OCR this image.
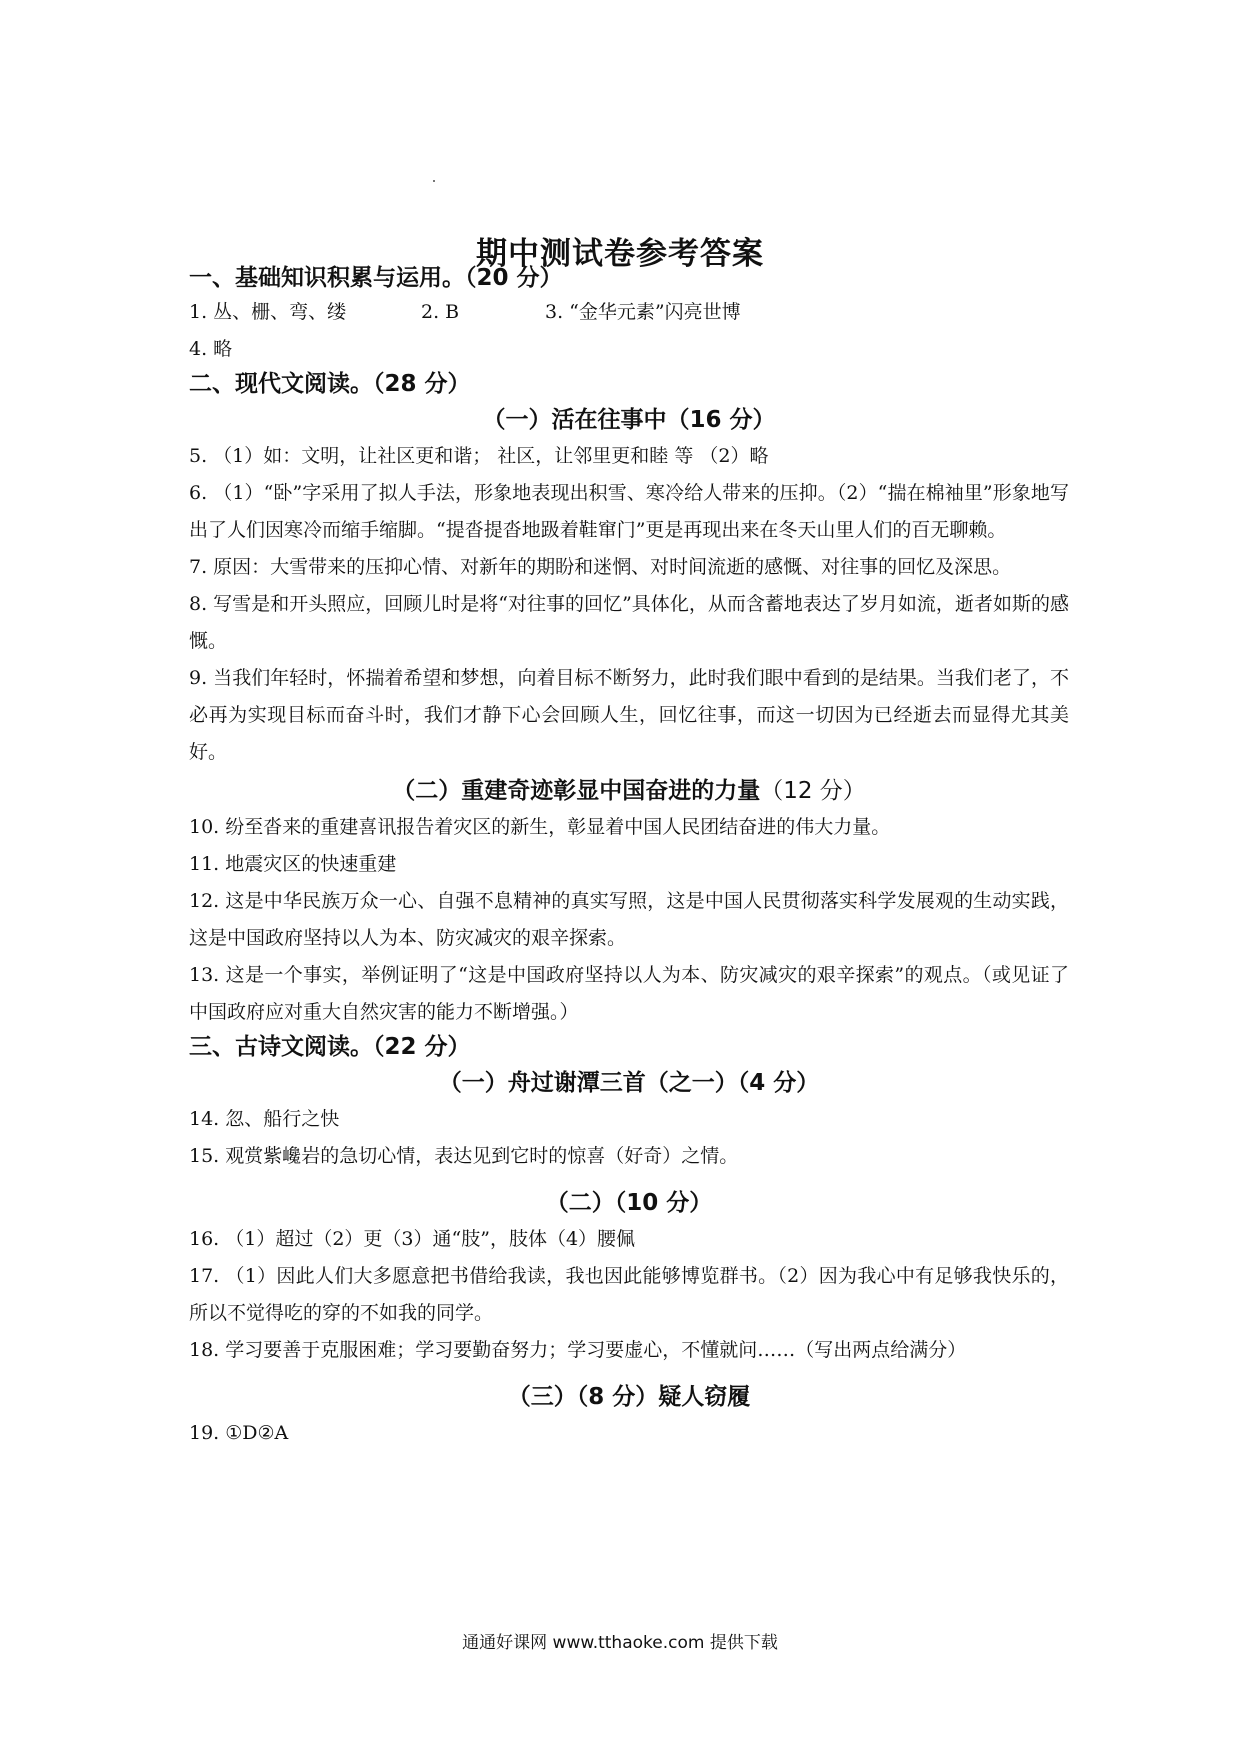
期中测试卷参考答案
一、基础知识积累与运用。（20 分）
1. 丛、栅、弯、缕	2. B	3. “金华元素”闪亮世博
4. 略
二、现代文阅读。（28 分）
（一）活在往事中（16 分）
5. （1）如：文明，让社区更和谐； 社区，让邻里更和睦 等 （2）略
6. （1）“卧”字采用了拟人手法，形象地表现出积雪、寒冷给人带来的压抑。（2）“揣在棉袖里”形象地写出了人们因寒冷而缩手缩脚。“提沓提沓地趿着鞋窜门”更是再现出来在冬天山里人们的百无聊赖。
7. 原因：大雪带来的压抑心情、对新年的期盼和迷惘、对时间流逝的感慨、对往事的回忆及深思。
8. 写雪是和开头照应，回顾儿时是将“对往事的回忆”具体化，从而含蓄地表达了岁月如流，逝者如斯的感慨。
9. 当我们年轻时，怀揣着希望和梦想，向着目标不断努力，此时我们眼中看到的是结果。当我们老了，不必再为实现目标而奋斗时，我们才静下心会回顾人生，回忆往事，而这一切因为已经逝去而显得尤其美好。
（二）重建奇迹彰显中国奋进的力量（12 分）
10. 纷至沓来的重建喜讯报告着灾区的新生，彰显着中国人民团结奋进的伟大力量。
11. 地震灾区的快速重建
12. 这是中华民族万众一心、自强不息精神的真实写照，这是中国人民贯彻落实科学发展观的生动实践，这是中国政府坚持以人为本、防灾减灾的艰辛探索。
13. 这是一个事实，举例证明了“这是中国政府坚持以人为本、防灾减灾的艰辛探索”的观点。（或见证了中国政府应对重大自然灾害的能力不断增强。）
三、古诗文阅读。（22 分）
（一）舟过谢潭三首（之一）（4 分）
14. 忽、船行之快
15. 观赏紫巉岩的急切心情，表达见到它时的惊喜（好奇）之情。
（二）（10 分）
16. （1）超过（2）更（3）通“肢”，肢体（4）腰佩
17. （1）因此人们大多愿意把书借给我读，我也因此能够博览群书。（2）因为我心中有足够我快乐的，所以不觉得吃的穿的不如我的同学。
18. 学习要善于克服困难；学习要勤奋努力；学习要虚心，不懂就问……（写出两点给满分）
（三）（8 分）疑人窃履
19. ①D②A
通通好课网 www.tthaoke.com 提供下载
